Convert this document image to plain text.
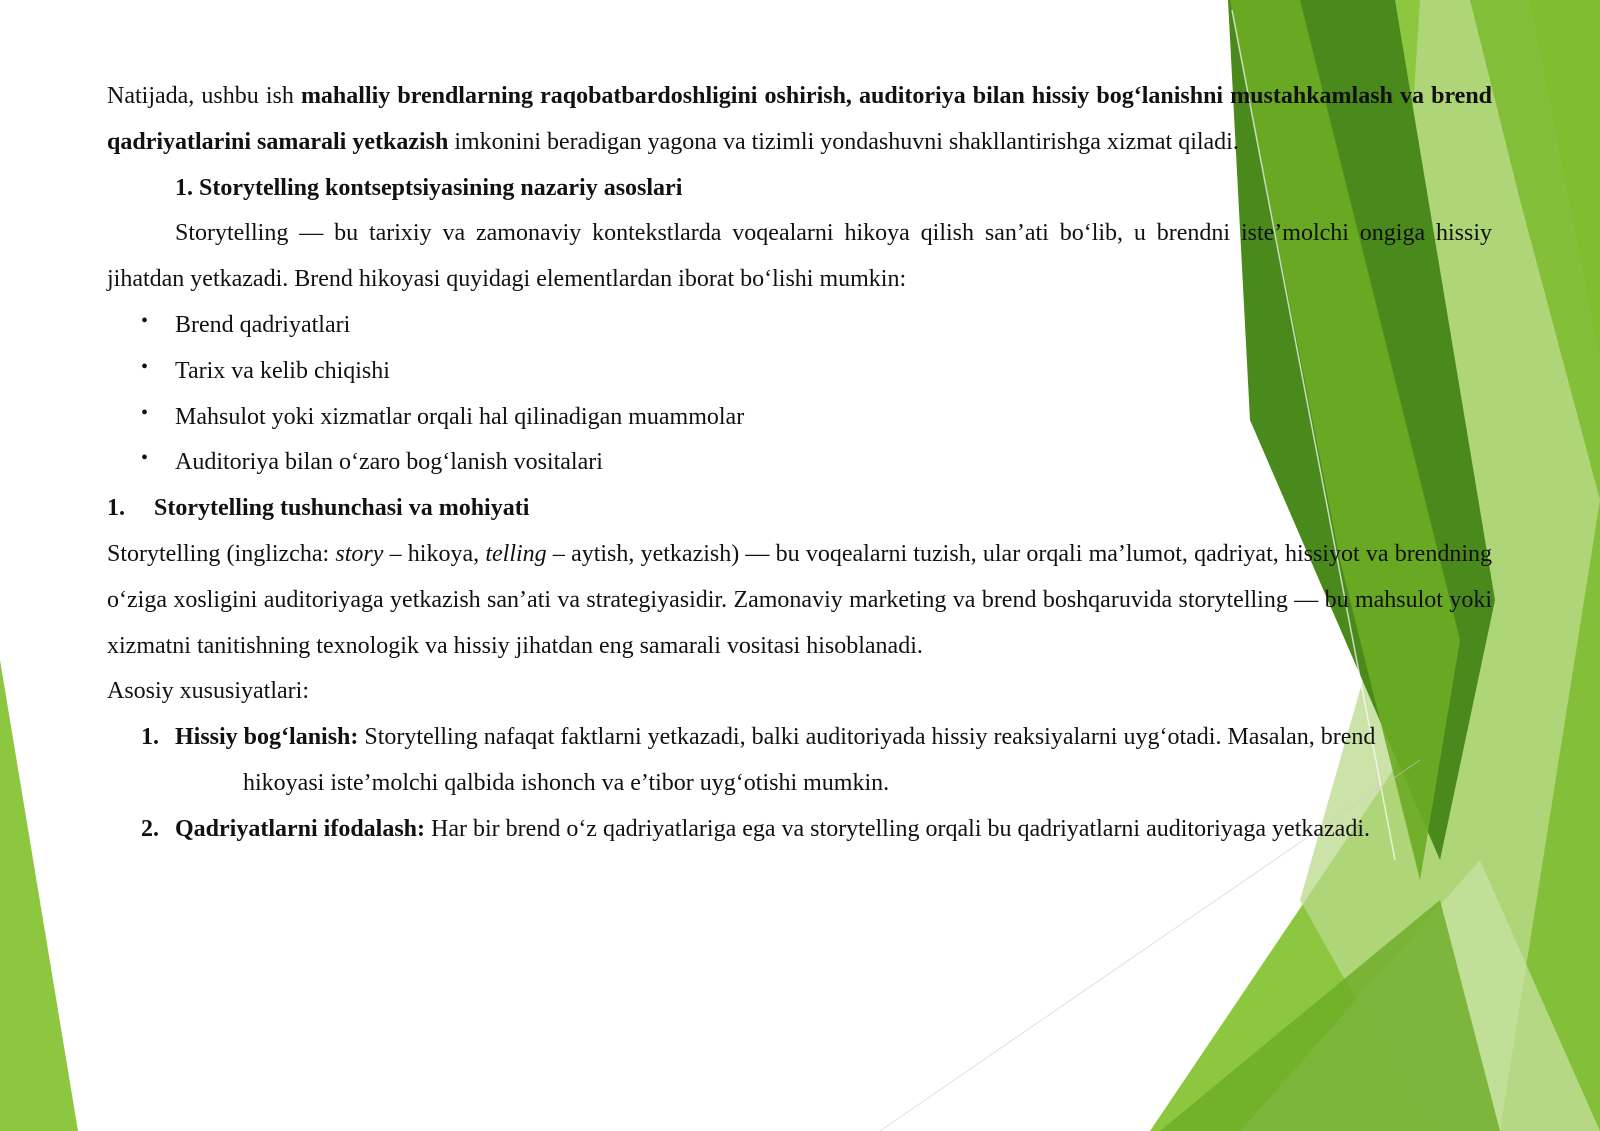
Natijada, ushbu ish mahalliy brendlarning raqobatbardoshligini oshirish, auditoriya bilan hissiy bog‘lanishni mustahkamlash va brend qadriyatlarini samarali yetkazish imkonini beradigan yagona va tizimli yondashuvni shakllantirishga xizmat qiladi.

1. Storytelling kontseptsiyasining nazariy asoslari

Storytelling — bu tarixiy va zamonaviy kontekstlarda voqealarni hikoya qilish san’ati bo‘lib, u brendni iste’molchi ongiga hissiy jihatdan yetkazadi. Brend hikoyasi quyidagi elementlardan iborat bo‘lishi mumkin:

• Brend qadriyatlari
• Tarix va kelib chiqishi
• Mahsulot yoki xizmatlar orqali hal qilinadigan muammolar
• Auditoriya bilan o‘zaro bog‘lanish vositalari

1. Storytelling tushunchasi va mohiyati

Storytelling (inglizcha: story – hikoya, telling – aytish, yetkazish) — bu voqealarni tuzish, ular orqali ma’lumot, qadriyat, hissiyot va brendning o‘ziga xosligini auditoriyaga yetkazish san’ati va strategiyasidir. Zamonaviy marketing va brend boshqaruvida storytelling — bu mahsulot yoki xizmatni tanitishning texnologik va hissiy jihatdan eng samarali vositasi hisoblanadi.

Asosiy xususiyatlari:

1. Hissiy bog‘lanish: Storytelling nafaqat faktlarni yetkazadi, balki auditoriyada hissiy reaksiyalarni uyg‘otadi. Masalan, brend
hikoyasi iste’molchi qalbida ishonch va e’tibor uyg‘otishi mumkin.
2. Qadriyatlarni ifodalash: Har bir brend o‘z qadriyatlariga ega va storytelling orqali bu qadriyatlarni auditoriyaga yetkazadi.
